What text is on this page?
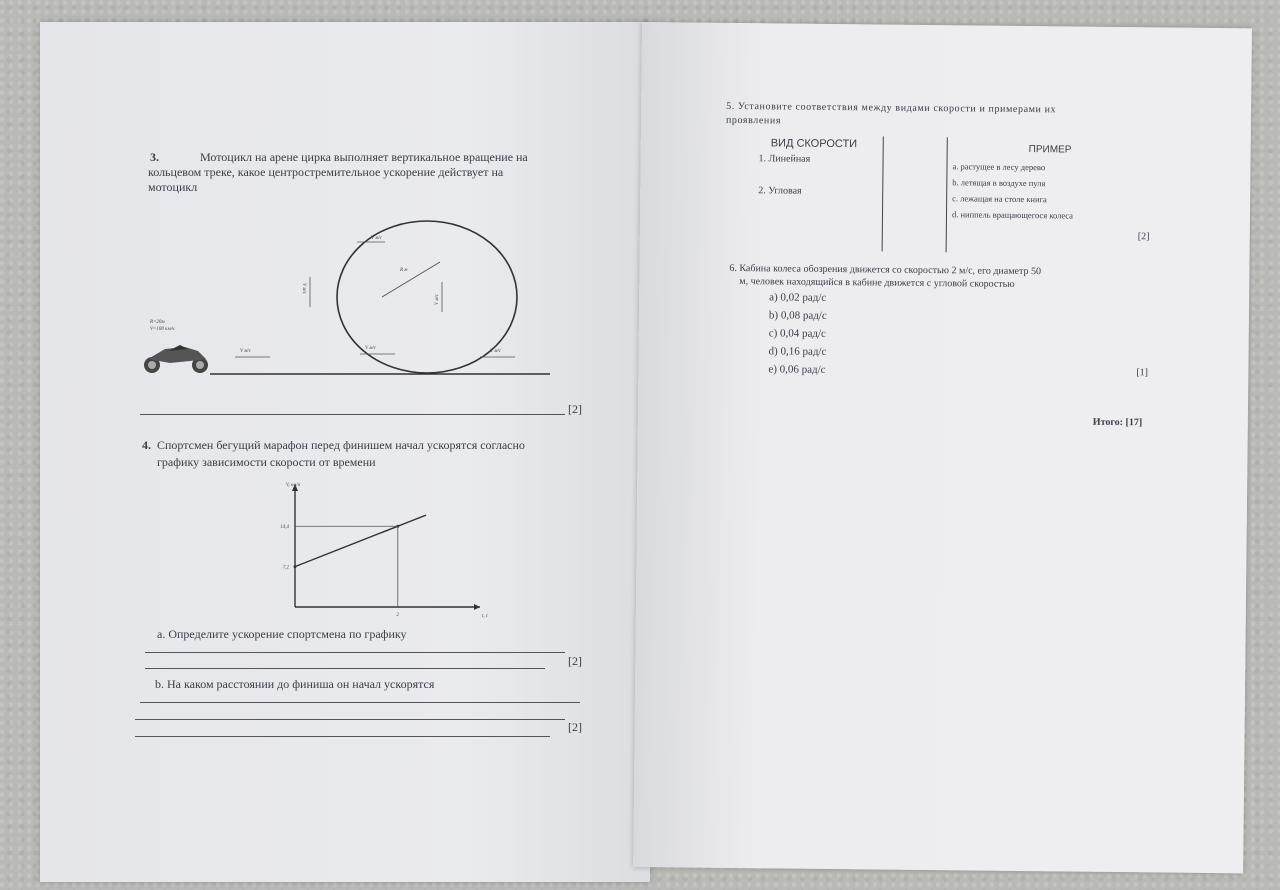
3.	Мотоцикл на арене цирка выполняет вертикальное вращение на
кольцевом треке, какое центростремительное ускорение действует на
мотоцикл
V м/с
V м/с
V м/с
R м
V м/с
V м/с
V м/с
R=20м
V=100 км/ч
[2]
4. Спортсмен бегущий марафон перед финишем начал ускорятся согласно
графику зависимости скорости от времени
7,2
14,4
2	t, c
V, км/ч
а. Определите ускорение спортсмена по графику
[2]
b. На каком расстоянии до финиша он начал ускорятся
[2]
5. Установите соответствия между видами скорости и примерами их
проявления
ВИД СКОРОСТИ	ПРИМЕР
1. Линейная
2. Угловая
a. растущее в лесу дерево
b. летящая в воздухе пуля
c. лежащая на столе книга
d. ниппель вращающегося колеса
[2]
6. Кабина колеса обозрения движется со скоростью 2 м/с, его диаметр 50
м, человек находящийся в кабине движется с угловой скоростью
а) 0,02 рад/с
b) 0,08 рад/с
c) 0,04 рад/с
d) 0,16 рад/с
e) 0,06 рад/с	[1]
Итого: [17]
